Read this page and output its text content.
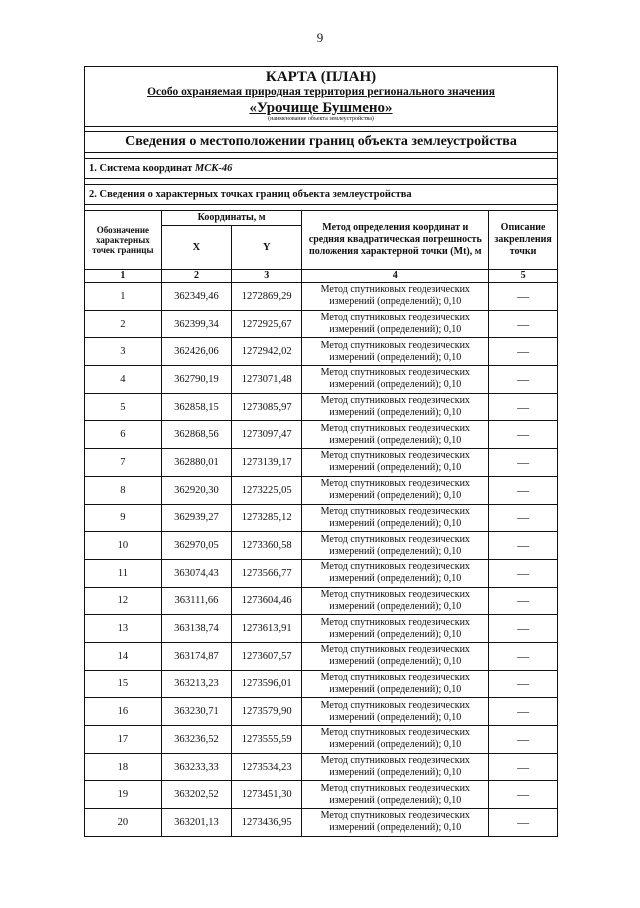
9
КАРТА (ПЛАН)
Особо охраняемая природная территория регионального значения
«Урочище Бушмено»
(наименование объекта землеустройства)
Сведения о местоположении границ объекта землеустройства
1. Система координат МСК-46
2. Сведения о характерных точках границ объекта землеустройства
Обозначение характерных точек границы	Координаты, м		Метод определения координат и средняя квадратическая погрешность положения характерной точки (Mt), м	Описание закрепления точки
	X	Y		
1	2	3	4	5
1	362349,46	1272869,29	Метод спутниковых геодезических
измерений (определений); 0,10	—
2	362399,34	1272925,67	Метод спутниковых геодезических
измерений (определений); 0,10	—
3	362426,06	1272942,02	Метод спутниковых геодезических
измерений (определений); 0,10	—
4	362790,19	1273071,48	Метод спутниковых геодезических
измерений (определений); 0,10	—
5	362858,15	1273085,97	Метод спутниковых геодезических
измерений (определений); 0,10	—
6	362868,56	1273097,47	Метод спутниковых геодезических
измерений (определений); 0,10	—
7	362880,01	1273139,17	Метод спутниковых геодезических
измерений (определений); 0,10	—
8	362920,30	1273225,05	Метод спутниковых геодезических
измерений (определений); 0,10	—
9	362939,27	1273285,12	Метод спутниковых геодезических
измерений (определений); 0,10	—
10	362970,05	1273360,58	Метод спутниковых геодезических
измерений (определений); 0,10	—
11	363074,43	1273566,77	Метод спутниковых геодезических
измерений (определений); 0,10	—
12	363111,66	1273604,46	Метод спутниковых геодезических
измерений (определений); 0,10	—
13	363138,74	1273613,91	Метод спутниковых геодезических
измерений (определений); 0,10	—
14	363174,87	1273607,57	Метод спутниковых геодезических
измерений (определений); 0,10	—
15	363213,23	1273596,01	Метод спутниковых геодезических
измерений (определений); 0,10	—
16	363230,71	1273579,90	Метод спутниковых геодезических
измерений (определений); 0,10	—
17	363236,52	1273555,59	Метод спутниковых геодезических
измерений (определений); 0,10	—
18	363233,33	1273534,23	Метод спутниковых геодезических
измерений (определений); 0,10	—
19	363202,52	1273451,30	Метод спутниковых геодезических
измерений (определений); 0,10	—
20	363201,13	1273436,95	Метод спутниковых геодезических
измерений (определений); 0,10	—
